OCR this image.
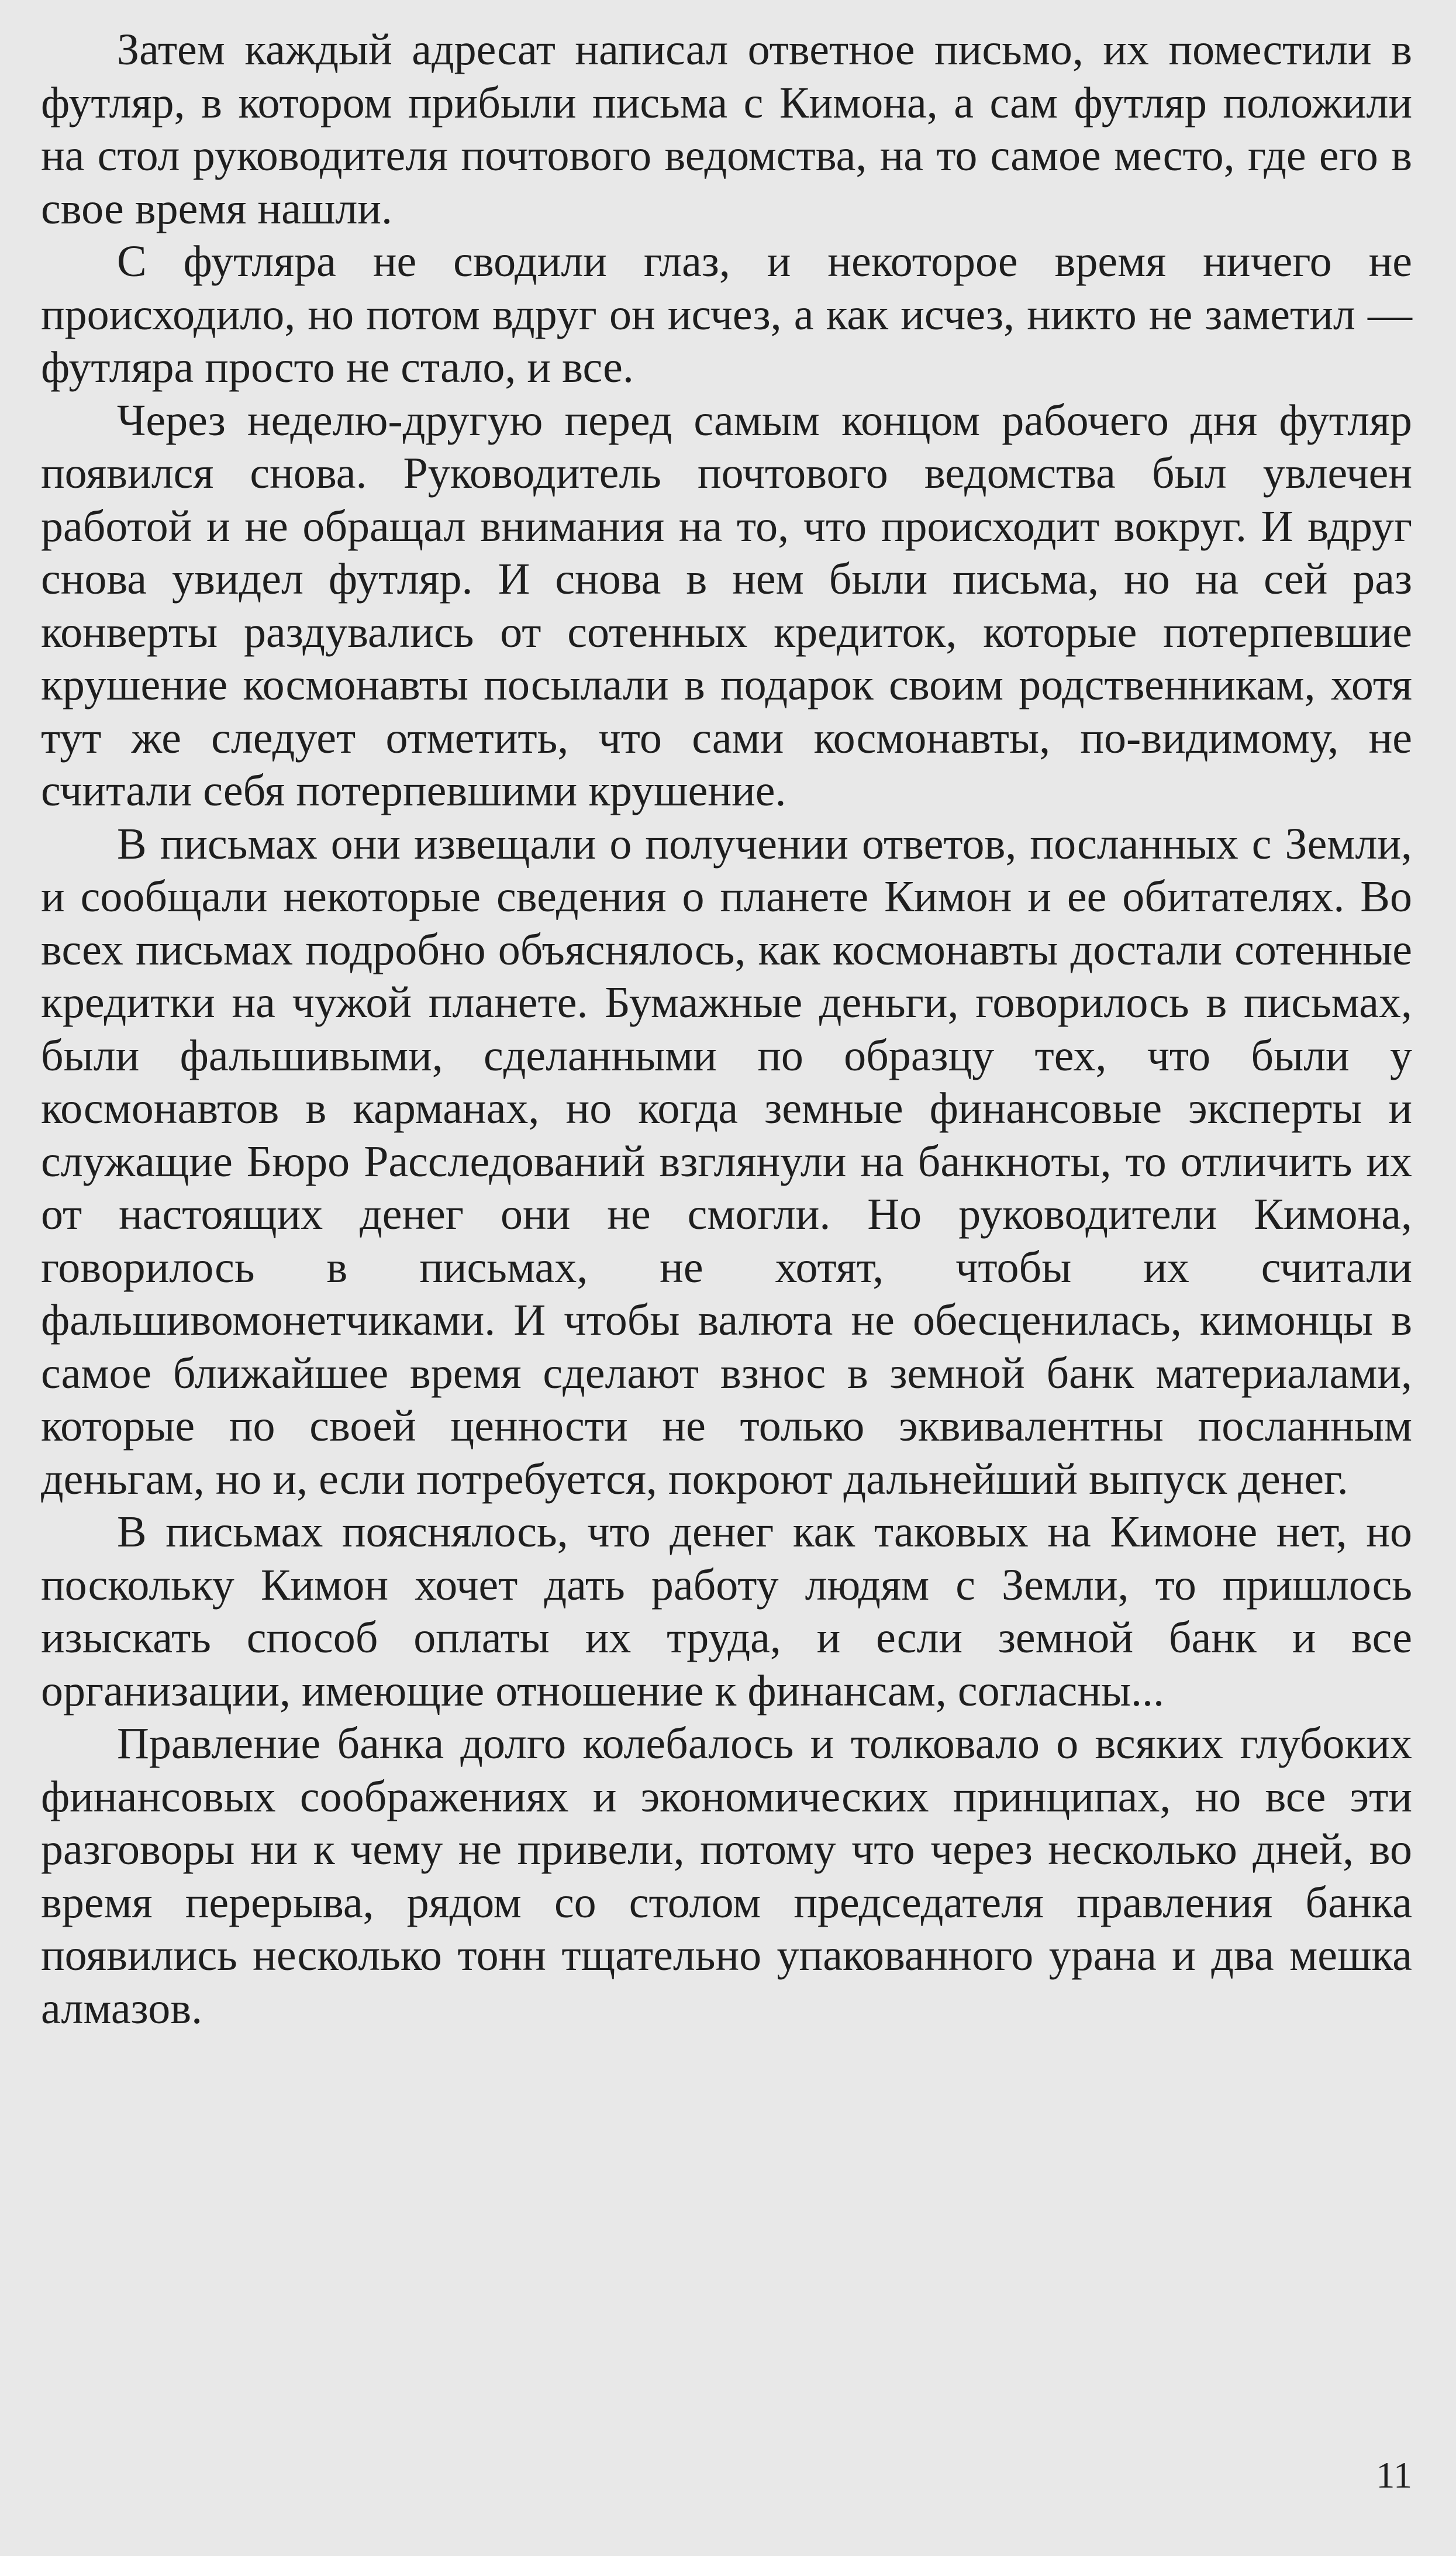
Затем каждый адресат написал ответное письмо, их поместили в футляр, в котором прибыли письма с Кимона, а сам футляр положили на стол руководителя почтового ведомства, на то самое место, где его в свое время нашли.

С футляра не сводили глаз, и некоторое время ничего не происходило, но потом вдруг он исчез, а как исчез, никто не заметил — футляра просто не стало, и все.

Через неделю-другую перед самым концом рабочего дня футляр появился снова. Руководитель почтового ведомства был увлечен работой и не обращал внимания на то, что происходит вокруг. И вдруг снова увидел футляр. И снова в нем были письма, но на сей раз конверты раздувались от сотенных кредиток, которые потерпевшие крушение космонавты посылали в подарок своим родственникам, хотя тут же следует отметить, что сами космонавты, по-видимому, не считали себя потерпевшими крушение.

В письмах они извещали о получении ответов, посланных с Земли, и сообщали некоторые сведения о планете Кимон и ее обитателях. Во всех письмах подробно объяснялось, как космонавты достали сотенные кредитки на чужой планете. Бумажные деньги, говорилось в письмах, были фальшивыми, сделанными по образцу тех, что были у космонавтов в карманах, но когда земные финансовые эксперты и служащие Бюро Расследований взглянули на банкноты, то отличить их от настоящих денег они не смогли. Но руководители Кимона, говорилось в письмах, не хотят, чтобы их считали фальшивомонетчиками. И чтобы валюта не обесценилась, кимонцы в самое ближайшее время сделают взнос в земной банк материалами, которые по своей ценности не только эквивалентны посланным деньгам, но и, если потребуется, покроют дальнейший выпуск денег.

В письмах пояснялось, что денег как таковых на Кимоне нет, но поскольку Кимон хочет дать работу людям с Земли, то пришлось изыскать способ оплаты их труда, и если земной банк и все организации, имеющие отношение к финансам, согласны...

Правление банка долго колебалось и толковало о всяких глубоких финансовых соображениях и экономических принципах, но все эти разговоры ни к чему не привели, потому что через несколько дней, во время перерыва, рядом со столом председателя правления банка появились несколько тонн тщательно упакованного урана и два мешка алмазов.

11
